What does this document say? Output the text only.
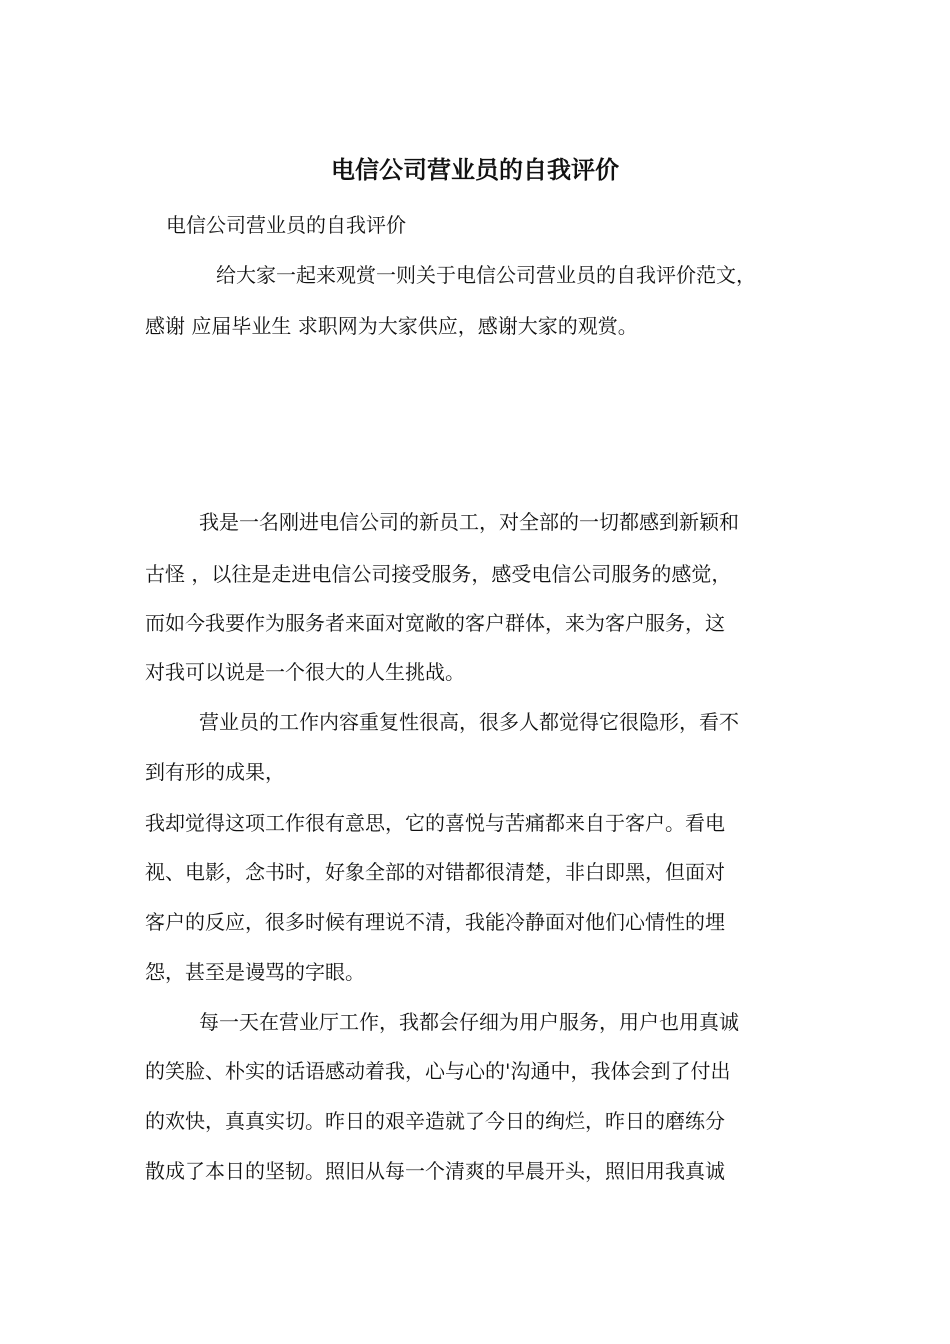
电信公司营业员的自我评价
电信公司营业员的自我评价
给大家一起来观赏一则关于电信公司营业员的自我评价范文，
感谢 应届毕业生 求职网为大家供应，感谢大家的观赏。
我是一名刚进电信公司的新员工，对全部的一切都感到新颖和
古怪 ，以往是走进电信公司接受服务，感受电信公司服务的感觉，
而如今我要作为服务者来面对宽敞的客户群体，来为客户服务，这
对我可以说是一个很大的人生挑战。
营业员的工作内容重复性很高，很多人都觉得它很隐形，看不
到有形的成果，
我却觉得这项工作很有意思，它的喜悦与苦痛都来自于客户。看电
视、电影，念书时，好象全部的对错都很清楚，非白即黑，但面对
客户的反应，很多时候有理说不清，我能冷静面对他们心情性的埋
怨，甚至是谩骂的字眼。
每一天在营业厅工作，我都会仔细为用户服务，用户也用真诚
的笑脸、朴实的话语感动着我，心与心的'沟通中，我体会到了付出
的欢快，真真实切。昨日的艰辛造就了今日的绚烂，昨日的磨练分
散成了本日的坚韧。照旧从每一个清爽的早晨开头，照旧用我真诚
